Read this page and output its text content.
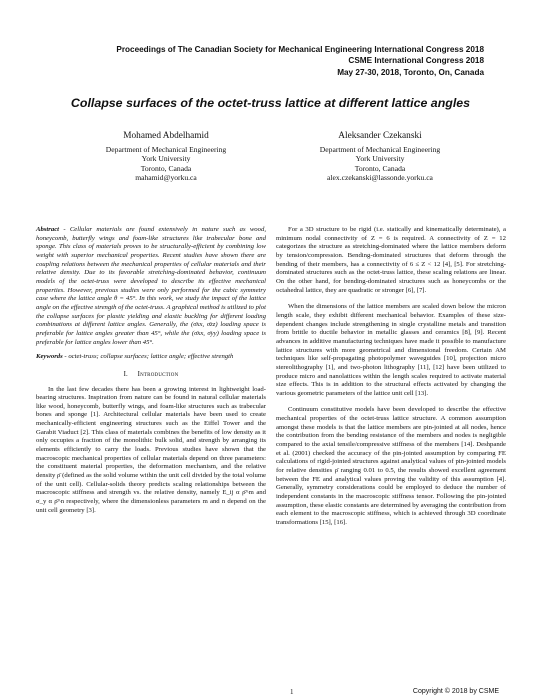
Proceedings of The Canadian Society for Mechanical Engineering International Congress 2018
CSME International Congress 2018
May 27-30, 2018, Toronto, On, Canada
Collapse surfaces of the octet-truss lattice at different lattice angles
Mohamed Abdelhamid
Department of Mechanical Engineering
York University
Toronto, Canada
mahamid@yorku.ca
Aleksander Czekanski
Department of Mechanical Engineering
York University
Toronto, Canada
alex.czekanski@lassonde.yorku.ca

Abstract - Cellular materials are found extensively in nature such as wood, honeycomb, butterfly wings and foam-like structures like trabecular bone and sponge. This class of materials proves to be structurally-efficient by combining low weight with superior mechanical properties. Recent studies have shown there are coupling relations between the mechanical properties of cellular materials and their relative density. Due to its favorable stretching-dominated behavior, continuum models of the octet-truss were developed to describe its effective mechanical properties. However, previous studies were only performed for the cubic symmetry case where the lattice angle θ = 45°. In this work, we study the impact of the lattice angle on the effective strength of the octet-truss. A graphical method is utilized to plot the collapse surfaces for plastic yielding and elastic buckling for different loading combinations at different lattice angles. Generally, the (σ̄xx, σ̄zz) loading space is preferable for lattice angles greater than 45°, while the (σ̄xx, σ̄yy) loading space is preferable for lattice angles lower than 45°.

Keywords - octet-truss; collapse surfaces; lattice angle; effective strength

I. Introduction

In the last few decades there has been a growing interest in lightweight load-bearing structures. Inspiration from nature can be found in natural cellular materials like wood, honeycomb, butterfly wings, and foam-like structures such as trabecular bones and sponge [1]. Architectural cellular materials have been used to create mechanically-efficient engineering structures such as the Eiffel Tower and the Garabit Viaduct [2]. This class of materials combines the benefits of low density as it only occupies a fraction of the monolithic bulk solid, and strength by arranging its elements efficiently to carry the loads. Previous studies have shown that the macroscopic mechanical properties of cellular materials depend on three parameters: the constituent material properties, the deformation mechanism, and the relative density ρ̄ (defined as the solid volume within the unit cell divided by the total volume of the unit cell). Cellular-solids theory predicts scaling relationships between the macroscopic stiffness and strength vs. the relative density, namely E_ij α ρ̄^m and σ_y α ρ̄^n respectively, where the dimensionless parameters m and n depend on the unit cell geometry [3].

For a 3D structure to be rigid (i.e. statically and kinematically determinate), a minimum nodal connectivity of Z = 6 is required. A connectivity of Z = 12 categorizes the structure as stretching-dominated where the lattice members deform by tension/compression. Bending-dominated structures that deform through the bending of their members, has a connectivity of 6 ≤ Z < 12 [4], [5]. For stretching-dominated structures such as the octet-truss lattice, these scaling relations are linear. On the other hand, for bending-dominated structures such as honeycombs or the octahedral lattice, they are quadratic or stronger [6], [7].

When the dimensions of the lattice members are scaled down below the micron length scale, they exhibit different mechanical behavior. Examples of these size-dependent changes include strengthening in single crystalline metals and transition from brittle to ductile behavior in metallic glasses and ceramics [8], [9]. Recent advances in additive manufacturing techniques have made it possible to manufacture lattice structures with more geometrical and dimensional freedom. Certain AM techniques like self-propagating photopolymer waveguides [10], projection micro stereolithography [1], and two-photon lithography [11], [12] have been utilized to produce micro and nanolattices within the length scales required to activate material size effects. This is in addition to the structural effects activated by changing the various geometric parameters of the lattice unit cell [13].

Continuum constitutive models have been developed to describe the effective mechanical properties of the octet-truss lattice structure. A common assumption amongst these models is that the lattice members are pin-jointed at all nodes, hence the contribution from the bending resistance of the members and nodes is negligible compared to the axial tensile/compressive stiffness of the members [14]. Deshpande et al. (2001) checked the accuracy of the pin-jointed assumption by comparing FE calculations of rigid-jointed structures against analytical values of pin-jointed models for relative densities ρ̄ ranging 0.01 to 0.5, the results showed excellent agreement between the FE and analytical values proving the validity of this assumption [4]. Generally, symmetry considerations could be employed to deduce the number of independent constants in the macroscopic stiffness tensor. Following the pin-jointed assumption, these elastic constants are determined by averaging the contribution from each element to the macroscopic stiffness, which is achieved through 3D coordinate transformations [15], [16].

1	Copyright © 2018 by CSME
